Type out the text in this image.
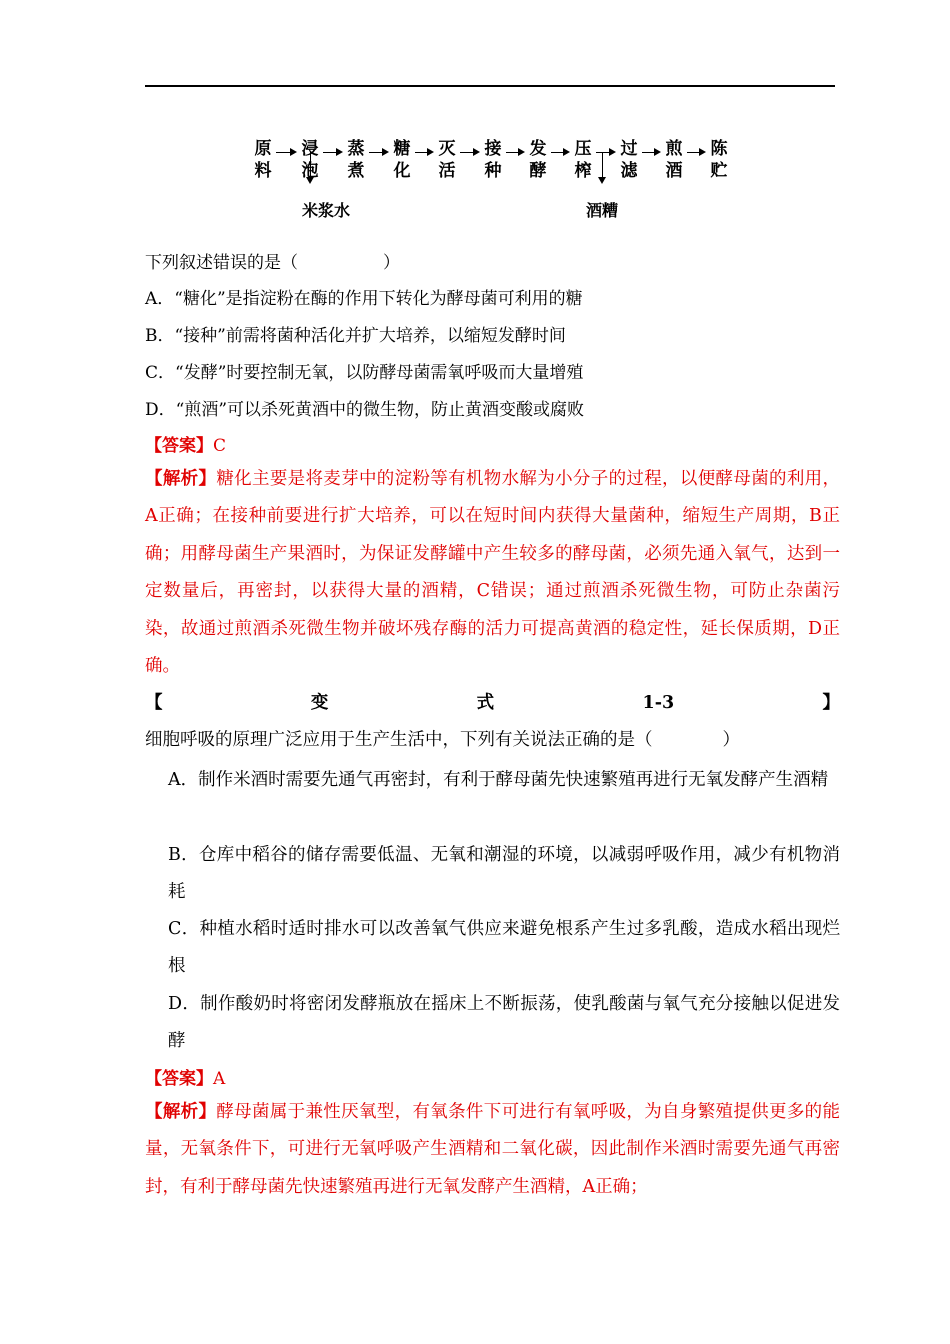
原
料
浸
泡
蒸
煮
糖
化
灭
活
接
种
发
酵
压
榨
过
滤
煎
酒
陈
贮
米浆水	酒糟
下列叙述错误的是（　　　　　）
A．“糖化”是指淀粉在酶的作用下转化为酵母菌可利用的糖
B．“接种”前需将菌种活化并扩大培养，以缩短发酵时间
C．“发酵”时要控制无氧，以防酵母菌需氧呼吸而大量增殖
D．“煎酒”可以杀死黄酒中的微生物，防止黄酒变酸或腐败
【答案】C
【解析】糖化主要是将麦芽中的淀粉等有机物水解为小分子的过程，以便酵母菌的利用，A正确；在接种前要进行扩大培养，可以在短时间内获得大量菌种，缩短生产周期，B正确；用酵母菌生产果酒时，为保证发酵罐中产生较多的酵母菌，必须先通入氧气，达到一定数量后，再密封，以获得大量的酒精，C错误；通过煎酒杀死微生物，可防止杂菌污染，故通过煎酒杀死微生物并破坏残存酶的活力可提高黄酒的稳定性，延长保质期，D正确。
【变式1-3】细胞呼吸的原理广泛应用于生产生活中，下列有关说法正确的是（　　　　）
A．制作米酒时需要先通气再密封，有利于酵母菌先快速繁殖再进行无氧发酵产生酒精
B．仓库中稻谷的储存需要低温、无氧和潮湿的环境，以减弱呼吸作用，减少有机物消耗
C．种植水稻时适时排水可以改善氧气供应来避免根系产生过多乳酸，造成水稻出现烂根
D．制作酸奶时将密闭发酵瓶放在摇床上不断振荡，使乳酸菌与氧气充分接触以促进发酵
【答案】A
【解析】酵母菌属于兼性厌氧型，有氧条件下可进行有氧呼吸，为自身繁殖提供更多的能量，无氧条件下，可进行无氧呼吸产生酒精和二氧化碳，因此制作米酒时需要先通气再密封，有利于酵母菌先快速繁殖再进行无氧发酵产生酒精，A正确；
